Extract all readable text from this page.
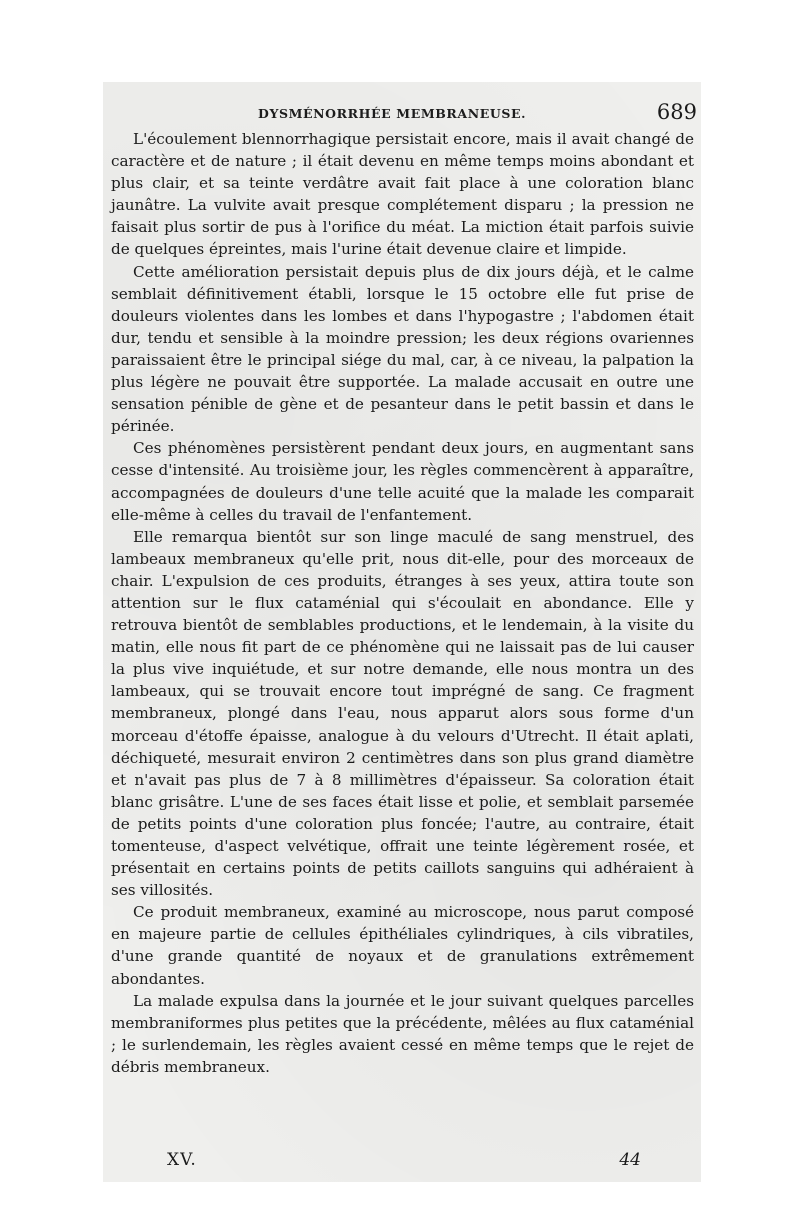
DYSMÉNORRHÉE MEMBRANEUSE.	689

L'écoulement blennorrhagique persistait encore, mais il avait changé de caractère et de nature ; il était devenu en même temps moins abondant et plus clair, et sa teinte verdâtre avait fait place à une coloration blanc jaunâtre. La vulvite avait presque complétement disparu ; la pression ne faisait plus sortir de pus à l'orifice du méat. La miction était parfois suivie de quelques épreintes, mais l'urine était devenue claire et limpide.

Cette amélioration persistait depuis plus de dix jours déjà, et le calme semblait définitivement établi, lorsque le 15 octobre elle fut prise de douleurs violentes dans les lombes et dans l'hypogastre ; l'abdomen était dur, tendu et sensible à la moindre pression; les deux régions ovariennes paraissaient être le principal siége du mal, car, à ce niveau, la palpation la plus légère ne pouvait être supportée. La malade accusait en outre une sensation pénible de gène et de pesanteur dans le petit bassin et dans le périnée.

Ces phénomènes persistèrent pendant deux jours, en augmentant sans cesse d'intensité. Au troisième jour, les règles commencèrent à apparaître, accompagnées de douleurs d'une telle acuité que la malade les comparait elle-même à celles du travail de l'enfantement.

Elle remarqua bientôt sur son linge maculé de sang menstruel, des lambeaux membraneux qu'elle prit, nous dit-elle, pour des morceaux de chair. L'expulsion de ces produits, étranges à ses yeux, attira toute son attention sur le flux cataménial qui s'écoulait en abondance. Elle y retrouva bientôt de semblables productions, et le lendemain, à la visite du matin, elle nous fit part de ce phénomène qui ne laissait pas de lui causer la plus vive inquiétude, et sur notre demande, elle nous montra un des lambeaux, qui se trouvait encore tout imprégné de sang. Ce fragment membraneux, plongé dans l'eau, nous apparut alors sous forme d'un morceau d'étoffe épaisse, analogue à du velours d'Utrecht. Il était aplati, déchiqueté, mesurait environ 2 centimètres dans son plus grand diamètre et n'avait pas plus de 7 à 8 millimètres d'épaisseur. Sa coloration était blanc grisâtre. L'une de ses faces était lisse et polie, et semblait parsemée de petits points d'une coloration plus foncée; l'autre, au contraire, était tomenteuse, d'aspect velvétique, offrait une teinte légèrement rosée, et présentait en certains points de petits caillots sanguins qui adhéraient à ses villosités.

Ce produit membraneux, examiné au microscope, nous parut composé en majeure partie de cellules épithéliales cylindriques, à cils vibratiles, d'une grande quantité de noyaux et de granulations extrêmement abondantes.

La malade expulsa dans la journée et le jour suivant quelques parcelles membraniformes plus petites que la précédente, mêlées au flux cataménial ; le surlendemain, les règles avaient cessé en même temps que le rejet de débris membraneux.

XV.	44
